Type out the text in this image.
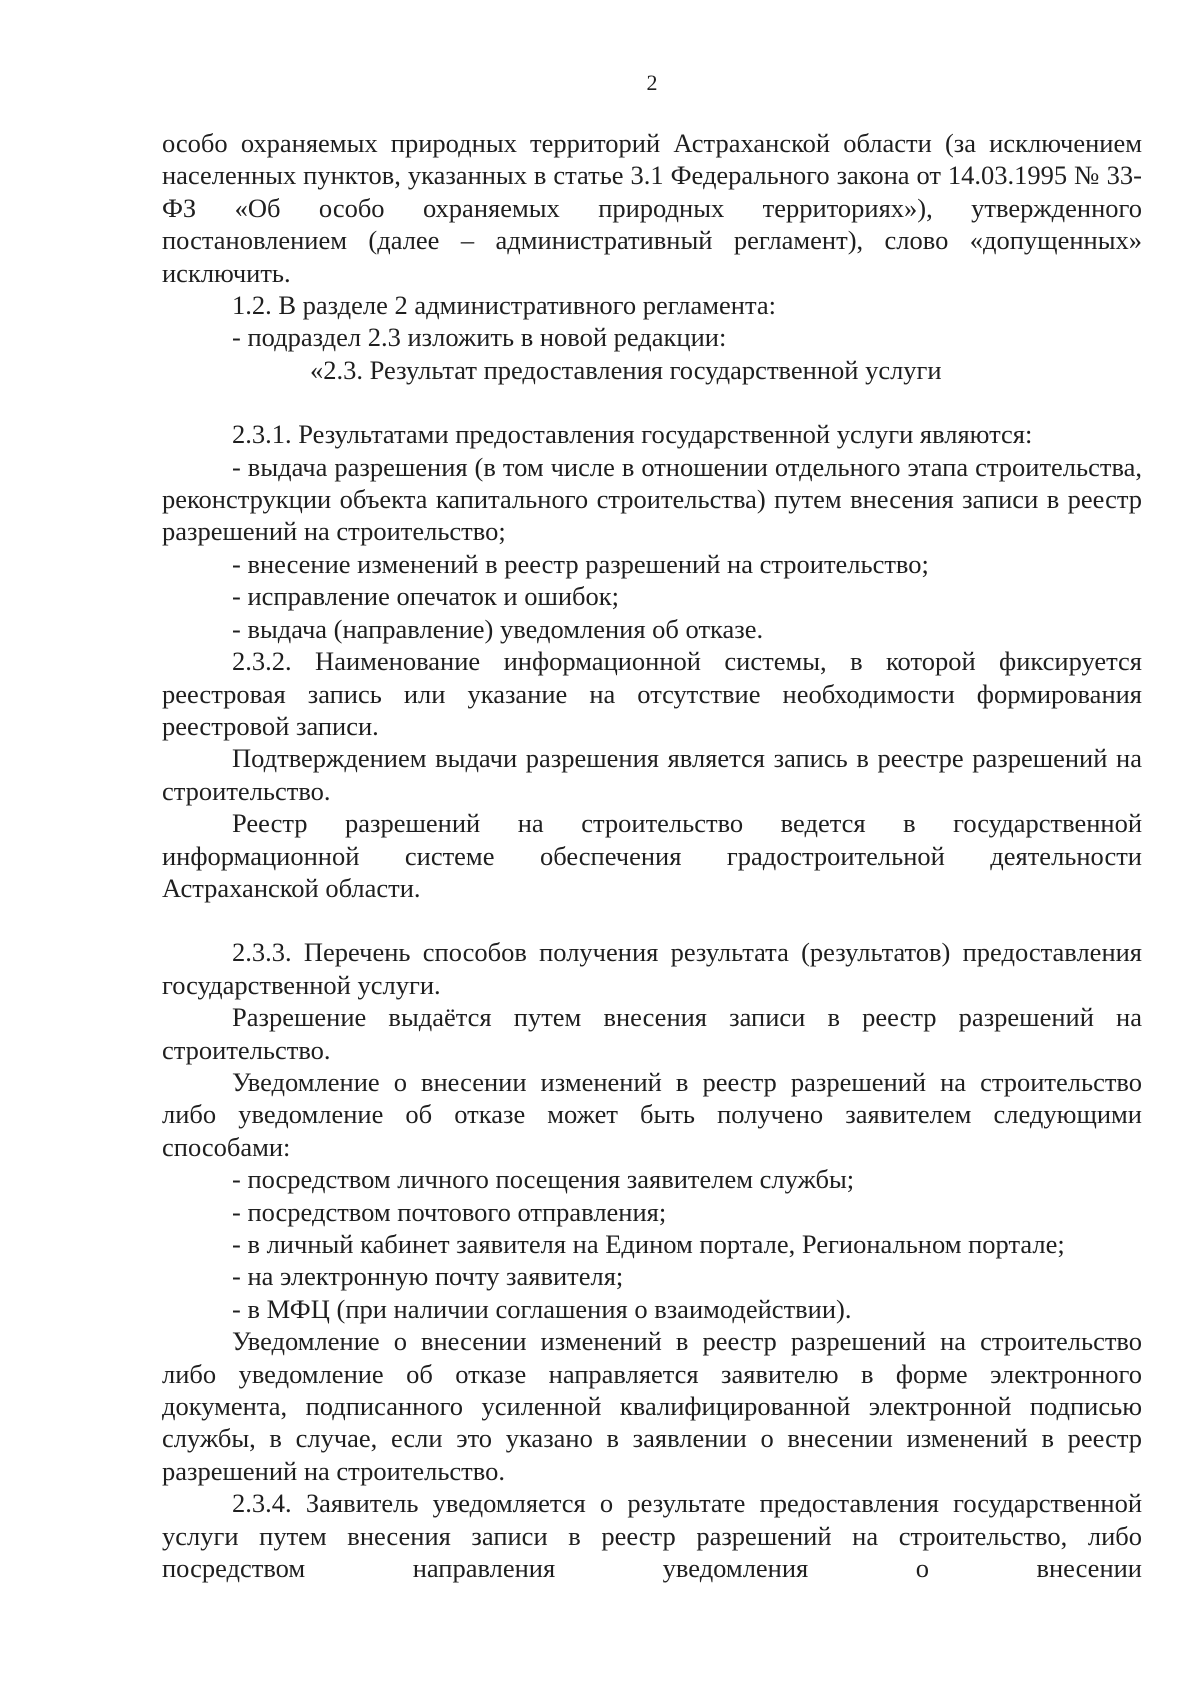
2

особо охраняемых природных территорий Астраханской области (за исключением населенных пунктов, указанных в статье 3.1 Федерального закона от 14.03.1995 № 33-ФЗ «Об особо охраняемых природных территориях»), утвержденного постановлением (далее – административный регламент), слово «допущенных» исключить.

1.2. В разделе 2 административного регламента:

- подраздел 2.3 изложить в новой редакции:

«2.3. Результат предоставления государственной услуги

2.3.1. Результатами предоставления государственной услуги являются:

- выдача разрешения (в том числе в отношении отдельного этапа строительства, реконструкции объекта капитального строительства) путем внесения записи в реестр разрешений на строительство;

- внесение изменений в реестр разрешений на строительство;

- исправление опечаток и ошибок;

- выдача (направление) уведомления об отказе.

2.3.2. Наименование информационной системы, в которой фиксируется реестровая запись или указание на отсутствие необходимости формирования реестровой записи.

Подтверждением выдачи разрешения является запись в реестре разрешений на строительство.

Реестр разрешений на строительство ведется в государственной информационной системе обеспечения градостроительной деятельности Астраханской области.

2.3.3. Перечень способов получения результата (результатов) предоставления государственной услуги.

Разрешение выдаётся путем внесения записи в реестр разрешений на строительство.

Уведомление о внесении изменений в реестр разрешений на строительство либо уведомление об отказе может быть получено заявителем следующими способами:

- посредством личного посещения заявителем службы;

- посредством почтового отправления;

- в личный кабинет заявителя на Едином портале, Региональном портале;

- на электронную почту заявителя;

- в МФЦ (при наличии соглашения о взаимодействии).

Уведомление о внесении изменений в реестр разрешений на строительство либо уведомление об отказе направляется заявителю в форме электронного документа, подписанного усиленной квалифицированной электронной подписью службы, в случае, если это указано в заявлении о внесении изменений в реестр разрешений на строительство.

2.3.4. Заявитель уведомляется о результате предоставления государственной услуги путем внесения записи в реестр разрешений на строительство, либо посредством направления уведомления о внесении
